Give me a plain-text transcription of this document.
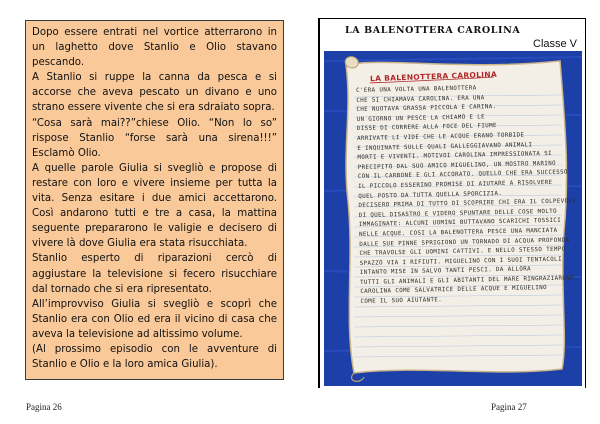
Dopo essere entrati nel vortice atterrarono in un laghetto dove Stanlio e Olio stavano pescando.

A Stanlio si ruppe la canna da pesca e si accorse che aveva pescato un divano e uno strano essere vivente che si era sdraiato sopra.

“Cosa sarà mai??”chiese Olio. “Non lo so” rispose Stanlio “forse sarà una sirena!!!” Esclamò Olio.

A quelle parole Giulia si svegliò e propose di restare con loro e vivere insieme per tutta la vita. Senza esitare i due amici accettarono. Così andarono tutti e tre a casa, la mattina seguente prepararono le valigie e decisero di vivere là dove Giulia era stata risucchiata.

Stanlio esperto di riparazioni cercò di aggiustare la televisione si fecero risucchiare dal tornado che si era ripresentato.

All’improvviso Giulia si svegliò e scoprì che Stanlio era con Olio ed era il vicino di casa che aveva la televisione ad altissimo volume.

(Al prossimo episodio con le avventure di Stanlio e Olio e la loro amica Giulia).

Pagina 26
LA BALENOTTERA CAROLINA
Classe V
LA BALENOTTERA CAROLINA
C'ERA UNA VOLTA UNA BALENOTTERA
CHE SI CHIAMAVA CAROLINA. ERA UNA
CHE NUOTAVA GRASSA PICCOLA E CARINA.
UN GIORNO UN PESCE LA CHIAMÒ E LE
DISSE DI CORRERE ALLA FOCE DEL FIUME
ARRIVATE LI VIDE CHE LE ACQUE ERANO TORBIDE
E INQUINATE SULLE QUALI GALLEGGIAVANO ANIMALI
MORTI E VIVENTI. MOTIVOI CAROLINA IMPRESSIONATA SI
PRECIPITÒ DAL SUO AMICO MIGUELINO, UN MOSTRO MARINO
CON IL CARBONE E GLI ACCORATO. QUELLO CHE ERA SUCCESSO
IL PICCOLO ESSERINO PROMISE DI AIUTARE A RISOLVERE
QUEL POSTO DA TUTTA QUELLA SPORCIZIA.
DECISERO PRIMA DI TUTTO DI SCOPRIRE CHI ERA IL COLPEVOLE
DI QUEL DISASTRO E VIDERO SPUNTARE DELLE COSE MOLTO
IMMAGINATE: ALCUNI UOMINI BUTTAVANO SCARICHI TOSSICI
NELLE ACQUE. COSI LA BALENOTTERA PESCE UNA MANCIATA
DALLE SUE PINNE SPRIGIONÒ UN TORNADO DI ACQUA PROFONDA
CHE TRAVOLSE GLI UOMINI CATTIVI. E NELLO STESSO TEMPO
SPAZZÒ VIA I RIFIUTI. MIGUELINO CON I SUOI TENTACOLI
INTANTO MISE IN SALVO TANTI PESCI. DA ALLORA
TUTTI GLI ANIMALI E GLI ABITANTI DEL MARE RINGRAZIARONO
CAROLINA COME SALVATRICE DELLE ACQUE E MIGUELINO
COME IL SUO AIUTANTE.
Pagina 27
